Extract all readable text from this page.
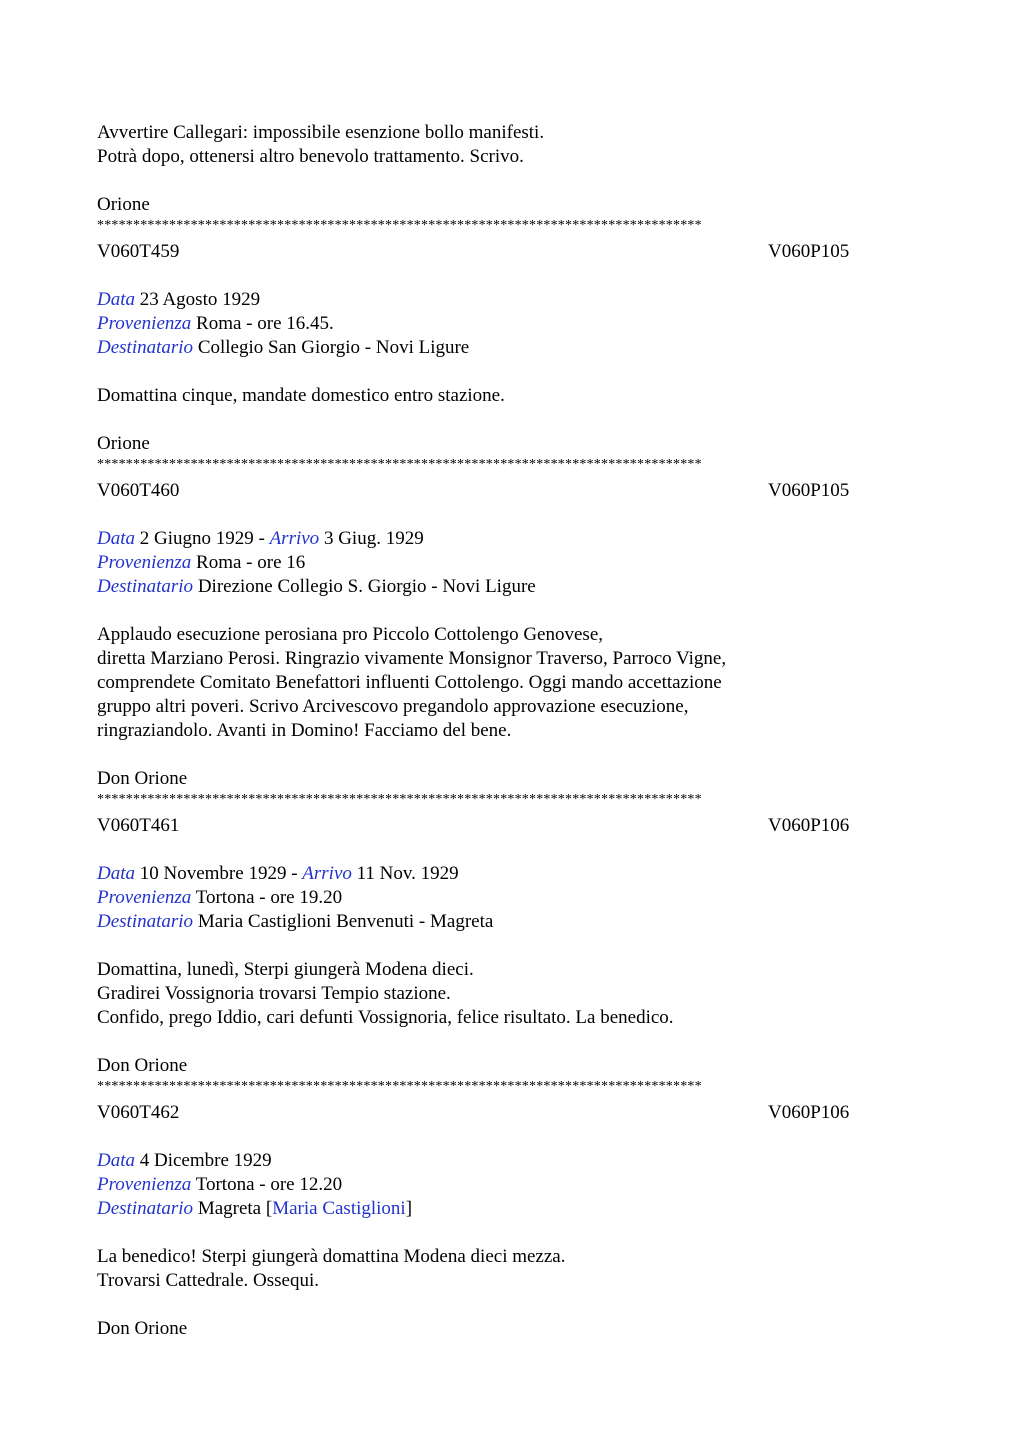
Avvertire Callegari: impossibile esenzione bollo manifesti.
Potrà dopo, ottenersi altro benevolo trattamento. Scrivo.
Orione
************************************************************************************
V060T459	V060P105
Data 23 Agosto 1929
Provenienza Roma - ore 16.45.
Destinatario Collegio San Giorgio - Novi Ligure
Domattina cinque, mandate domestico entro stazione.
Orione
************************************************************************************
V060T460	V060P105
Data 2 Giugno 1929 - Arrivo 3 Giug. 1929
Provenienza Roma - ore 16
Destinatario Direzione Collegio S. Giorgio - Novi Ligure
Applaudo esecuzione perosiana pro Piccolo Cottolengo Genovese,
diretta Marziano Perosi. Ringrazio vivamente Monsignor Traverso, Parroco Vigne,
comprendete Comitato Benefattori influenti Cottolengo. Oggi mando accettazione
gruppo altri poveri. Scrivo Arcivescovo pregandolo approvazione esecuzione,
ringraziandolo. Avanti in Domino! Facciamo del bene.
Don Orione
************************************************************************************
V060T461	V060P106
Data 10 Novembre 1929 - Arrivo 11 Nov. 1929
Provenienza Tortona - ore 19.20
Destinatario Maria Castiglioni Benvenuti - Magreta
Domattina, lunedì, Sterpi giungerà Modena dieci.
Gradirei Vossignoria trovarsi Tempio stazione.
Confido, prego Iddio, cari defunti Vossignoria, felice risultato. La benedico.
Don Orione
************************************************************************************
V060T462	V060P106
Data 4 Dicembre 1929
Provenienza Tortona - ore 12.20
Destinatario Magreta [Maria Castiglioni]
La benedico! Sterpi giungerà domattina Modena dieci mezza.
Trovarsi Cattedrale. Ossequi.
Don Orione
